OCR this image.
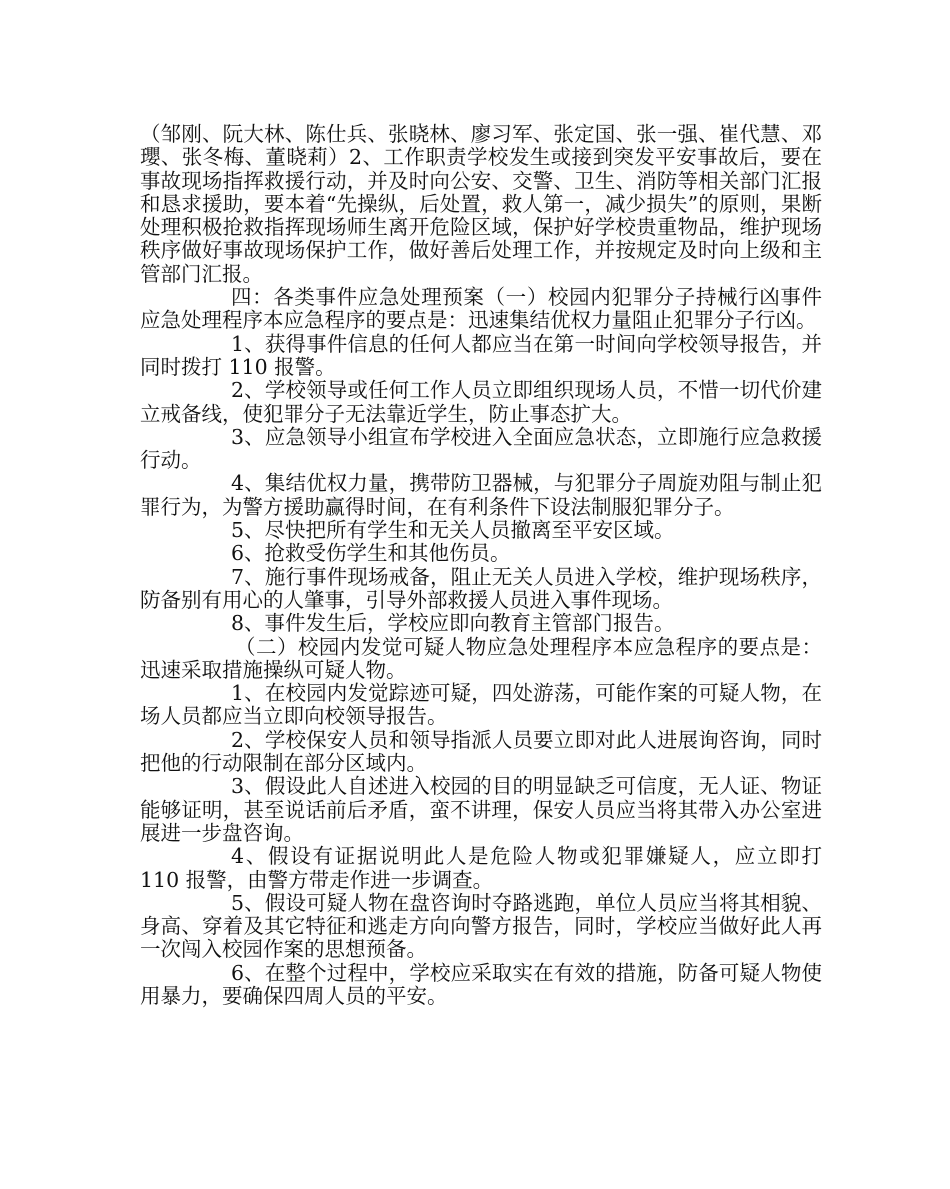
（邹刚、阮大林、陈仕兵、张晓林、廖习军、张定国、张一强、崔代慧、邓瓔、张冬梅、董晓莉）2、工作职责学校发生或接到突发平安事故后，要在事故现场指挥救援行动，并及时向公安、交警、卫生、消防等相关部门汇报和恳求援助，要本着“先操纵，后处置，救人第一，减少损失”的原则，果断处理积极抢救指挥现场师生离开危险区域，保护好学校贵重物品，维护现场秩序做好事故现场保护工作，做好善后处理工作，并按规定及时向上级和主管部门汇报。

四：各类事件应急处理预案（一）校园内犯罪分子持械行凶事件应急处理程序本应急程序的要点是：迅速集结优权力量阻止犯罪分子行凶。

1、获得事件信息的任何人都应当在第一时间向学校领导报告，并同时拨打 110 报警。

2、学校领导或任何工作人员立即组织现场人员，不惜一切代价建立戒备线，使犯罪分子无法靠近学生，防止事态扩大。

3、应急领导小组宣布学校进入全面应急状态，立即施行应急救援行动。

4、集结优权力量，携带防卫器械，与犯罪分子周旋劝阻与制止犯罪行为，为警方援助赢得时间，在有利条件下设法制服犯罪分子。

5、尽快把所有学生和无关人员撤离至平安区域。

6、抢救受伤学生和其他伤员。

7、施行事件现场戒备，阻止无关人员进入学校，维护现场秩序，防备别有用心的人肇事，引导外部救援人员进入事件现场。

8、事件发生后，学校应即向教育主管部门报告。

（二）校园内发觉可疑人物应急处理程序本应急程序的要点是：迅速采取措施操纵可疑人物。

1、在校园内发觉踪迹可疑，四处游荡，可能作案的可疑人物，在场人员都应当立即向校领导报告。

2、学校保安人员和领导指派人员要立即对此人进展询咨询，同时把他的行动限制在部分区域内。

3、假设此人自述进入校园的目的明显缺乏可信度，无人证、物证能够证明，甚至说话前后矛盾，蛮不讲理，保安人员应当将其带入办公室进展进一步盘咨询。

4、假设有证据说明此人是危险人物或犯罪嫌疑人，应立即打 110 报警，由警方带走作进一步调查。

5、假设可疑人物在盘咨询时夺路逃跑，单位人员应当将其相貌、身高、穿着及其它特征和逃走方向向警方报告，同时，学校应当做好此人再一次闯入校园作案的思想预备。

6、在整个过程中，学校应采取实在有效的措施，防备可疑人物使用暴力，要确保四周人员的平安。
